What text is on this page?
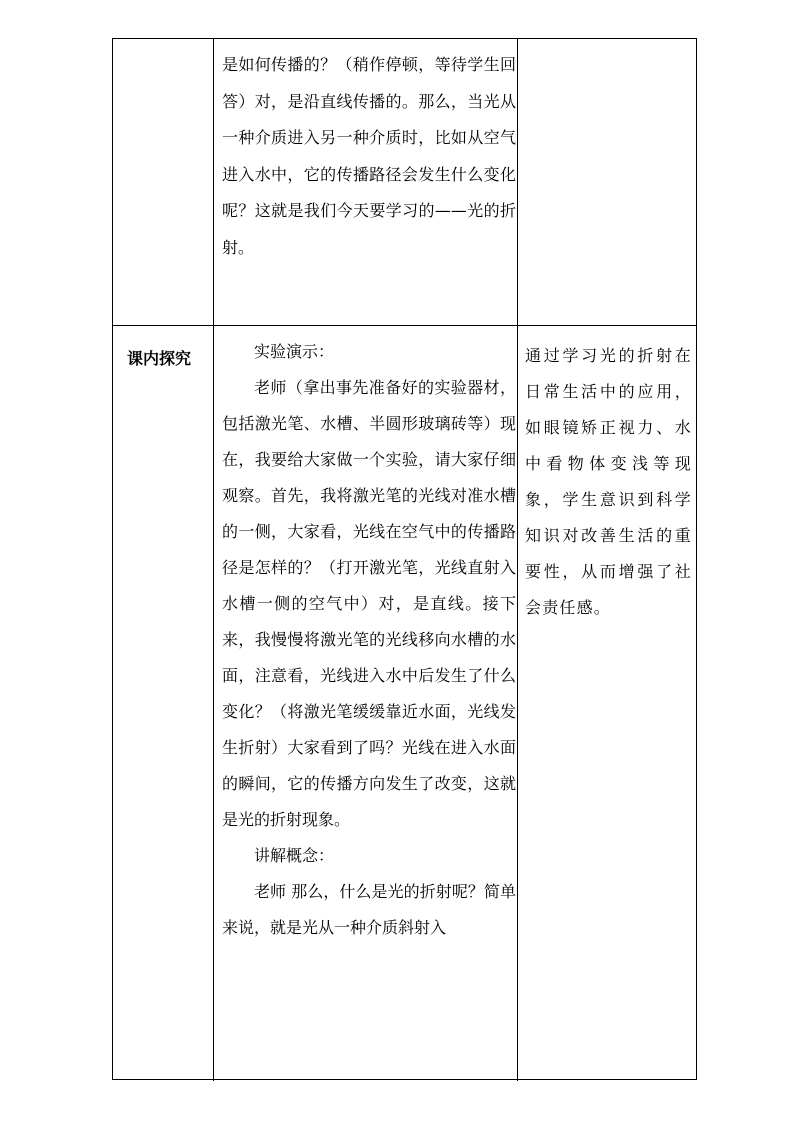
是如何传播的？（稍作停顿，等待学生回答）对，是沿直线传播的。那么，当光从一种介质进入另一种介质时，比如从空气进入水中，它的传播路径会发生什么变化呢？这就是我们今天要学习的——光的折射。

课内探究	实验演示：

老师（拿出事先准备好的实验器材，包括激光笔、水槽、半圆形玻璃砖等）现在，我要给大家做一个实验，请大家仔细观察。首先，我将激光笔的光线对准水槽的一侧，大家看，光线在空气中的传播路径是怎样的？（打开激光笔，光线直射入水槽一侧的空气中）对，是直线。接下来，我慢慢将激光笔的光线移向水槽的水面，注意看，光线进入水中后发生了什么变化？（将激光笔缓缓靠近水面，光线发生折射）大家看到了吗？光线在进入水面的瞬间，它的传播方向发生了改变，这就是光的折射现象。

讲解概念：

老师 那么，什么是光的折射呢？简单来说，就是光从一种介质斜射入

通过学习光的折射在日常生活中的应用，如眼镜矫正视力、水中看物体变浅等现象，学生意识到科学知识对改善生活的重要性，从而增强了社会责任感。
